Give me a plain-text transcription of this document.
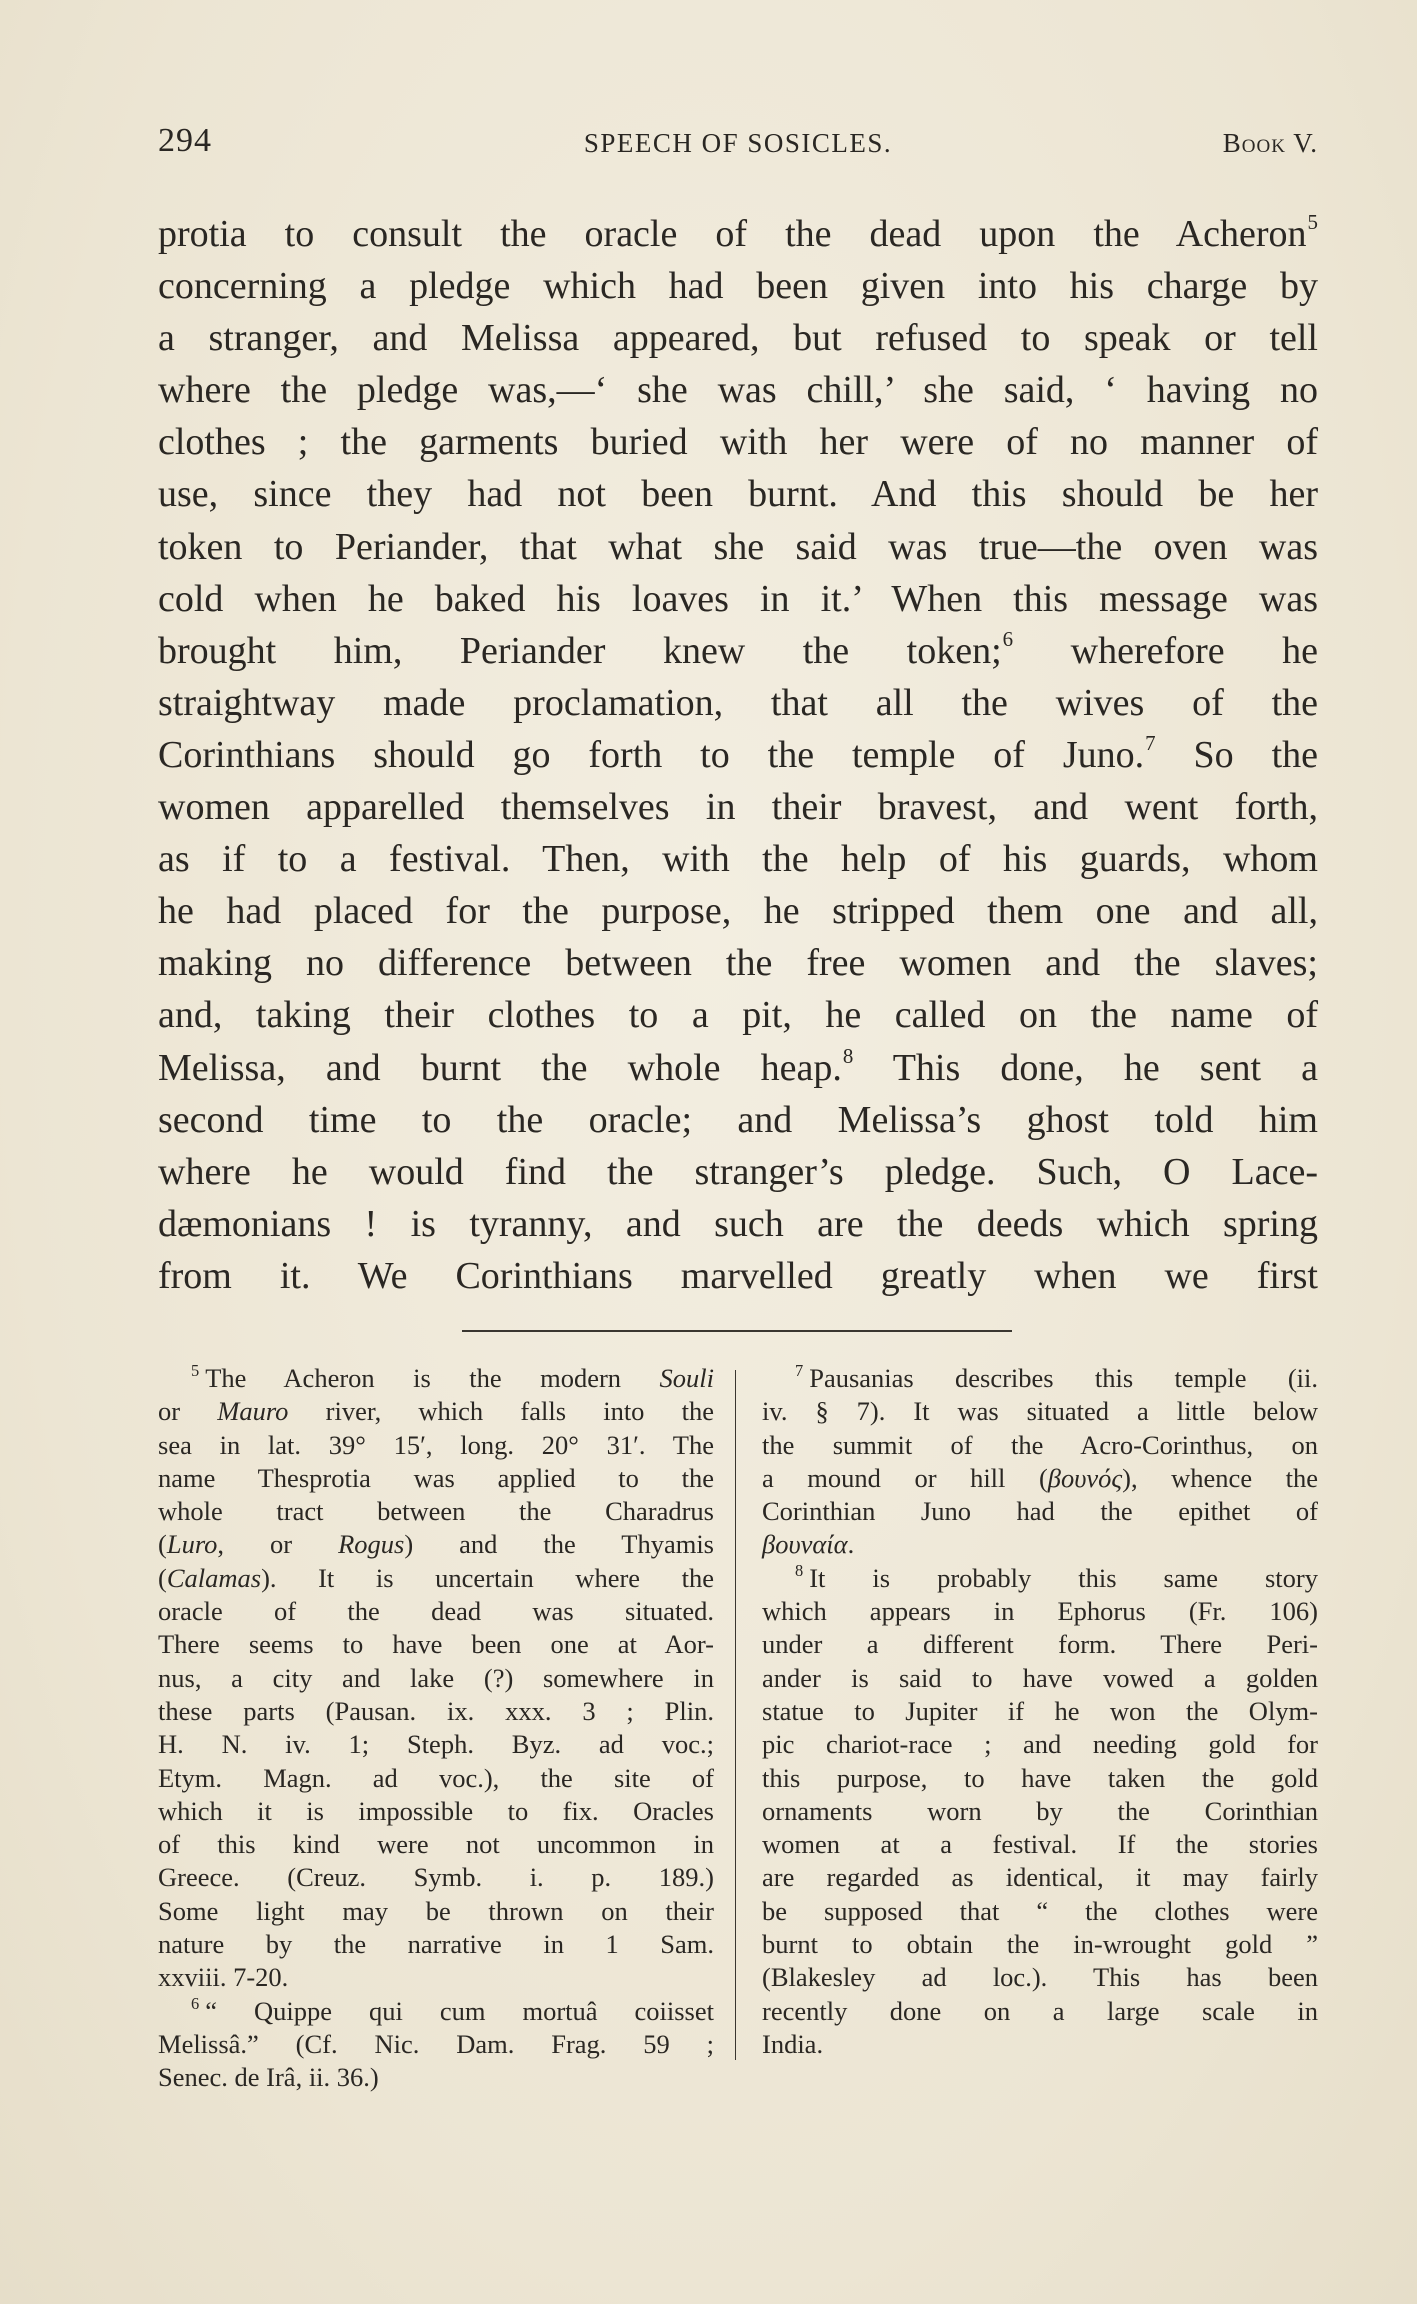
294	SPEECH OF SOSICLES.	Book V.
protia to consult the oracle of the dead upon the Acheron$^5$
concerning a pledge which had been given into his charge by
a stranger, and Melissa appeared, but refused to speak or tell
where the pledge was,—‘ she was chill,’ she said, ‘ having no
clothes ; the garments buried with her were of no manner of
use, since they had not been burnt. And this should be her
token to Periander, that what she said was true—the oven was
cold when he baked his loaves in it.’ When this message was
brought him, Periander knew the token;$^6$ wherefore he
straightway made proclamation, that all the wives of the
Corinthians should go forth to the temple of Juno.$^7$ So the
women apparelled themselves in their bravest, and went forth,
as if to a festival. Then, with the help of his guards, whom
he had placed for the purpose, he stripped them one and all,
making no difference between the free women and the slaves;
and, taking their clothes to a pit, he called on the name of
Melissa, and burnt the whole heap.$^8$ This done, he sent a
second time to the oracle; and Melissa’s ghost told him
where he would find the stranger’s pledge. Such, O Lace-
dæmonians ! is tyranny, and such are the deeds which spring
from it. We Corinthians marvelled greatly when we first
$^5$ The Acheron is the modern Souli
or Mauro river, which falls into the
sea in lat. 39° 15′, long. 20° 31′. The
name Thesprotia was applied to the
whole tract between the Charadrus
(Luro, or Rogus) and the Thyamis
(Calamas). It is uncertain where the
oracle of the dead was situated.
There seems to have been one at Aor-
nus, a city and lake (?) somewhere in
these parts (Pausan. ix. xxx. 3 ; Plin.
H. N. iv. 1; Steph. Byz. ad voc.;
Etym. Magn. ad voc.), the site of
which it is impossible to fix. Oracles
of this kind were not uncommon in
Greece. (Creuz. Symb. i. p. 189.)
Some light may be thrown on their
nature by the narrative in 1 Sam.
xxviii. 7-20.
$^6$ “ Quippe qui cum mortuâ coiisset
Melissâ.” (Cf. Nic. Dam. Frag. 59 ;
Senec. de Irâ, ii. 36.)
$^7$ Pausanias describes this temple (ii.
iv. § 7). It was situated a little below
the summit of the Acro-Corinthus, on
a mound or hill (βουνός), whence the
Corinthian Juno had the epithet of
βουναία.
$^8$ It is probably this same story
which appears in Ephorus (Fr. 106)
under a different form. There Peri-
ander is said to have vowed a golden
statue to Jupiter if he won the Olym-
pic chariot-race ; and needing gold for
this purpose, to have taken the gold
ornaments worn by the Corinthian
women at a festival. If the stories
are regarded as identical, it may fairly
be supposed that “ the clothes were
burnt to obtain the in-wrought gold ”
(Blakesley ad loc.). This has been
recently done on a large scale in
India.
